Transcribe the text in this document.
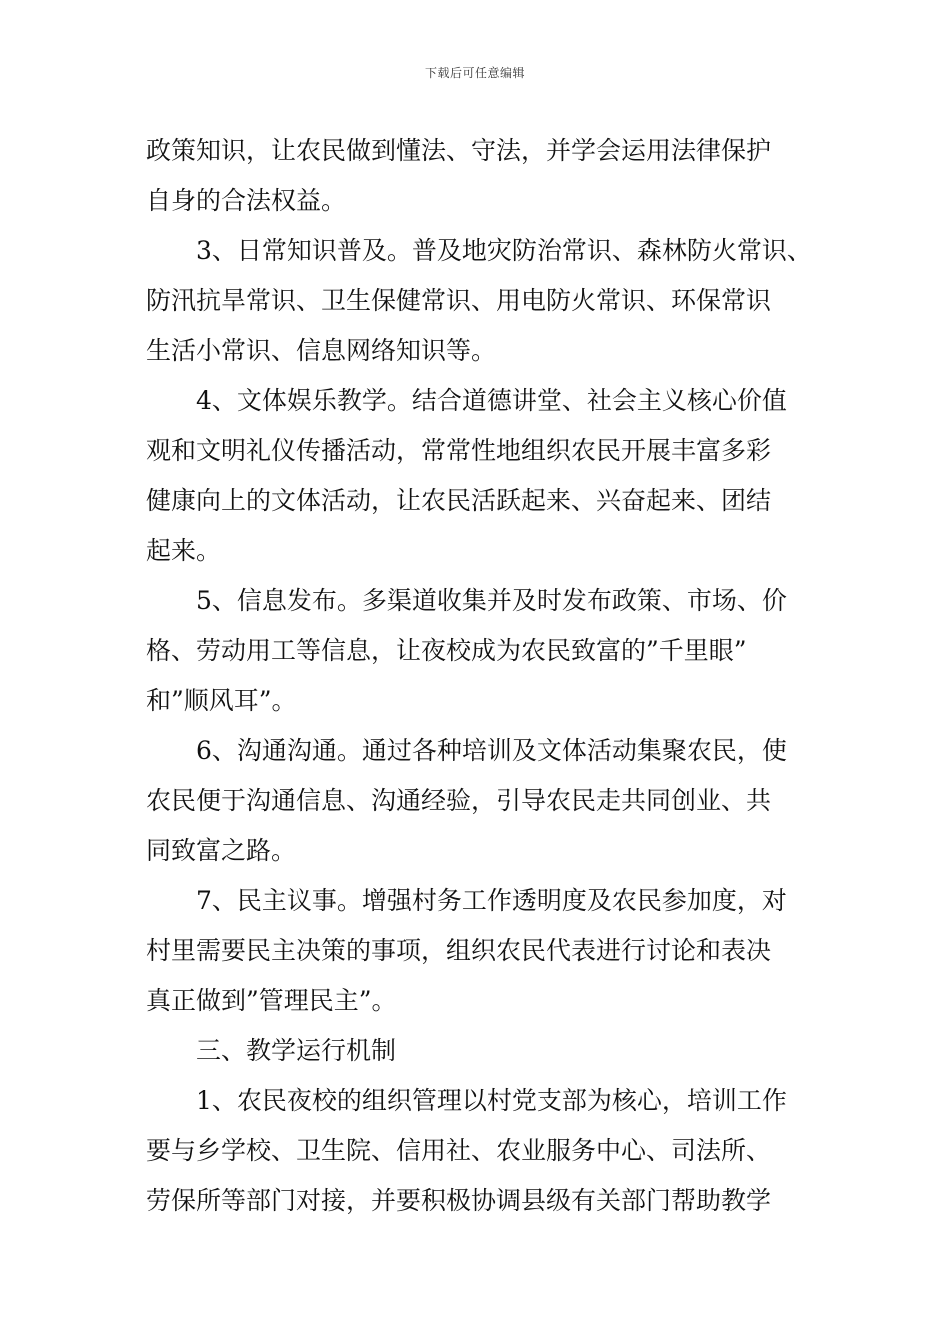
下载后可任意编辑
政策知识，让农民做到懂法、守法，并学会运用法律保护
自身的合法权益。
3、日常知识普及。普及地灾防治常识、森林防火常识、
防汛抗旱常识、卫生保健常识、用电防火常识、环保常识
生活小常识、信息网络知识等。
4、文体娱乐教学。结合道德讲堂、社会主义核心价值
观和文明礼仪传播活动，常常性地组织农民开展丰富多彩
健康向上的文体活动，让农民活跃起来、兴奋起来、团结
起来。
5、信息发布。多渠道收集并及时发布政策、市场、价
格、劳动用工等信息，让夜校成为农民致富的”千里眼”
和”顺风耳”。
6、沟通沟通。通过各种培训及文体活动集聚农民，使
农民便于沟通信息、沟通经验，引导农民走共同创业、共
同致富之路。
7、民主议事。增强村务工作透明度及农民参加度，对
村里需要民主决策的事项，组织农民代表进行讨论和表决
真正做到”管理民主”。
三、教学运行机制
1、农民夜校的组织管理以村党支部为核心，培训工作
要与乡学校、卫生院、信用社、农业服务中心、司法所、
劳保所等部门对接，并要积极协调县级有关部门帮助教学
